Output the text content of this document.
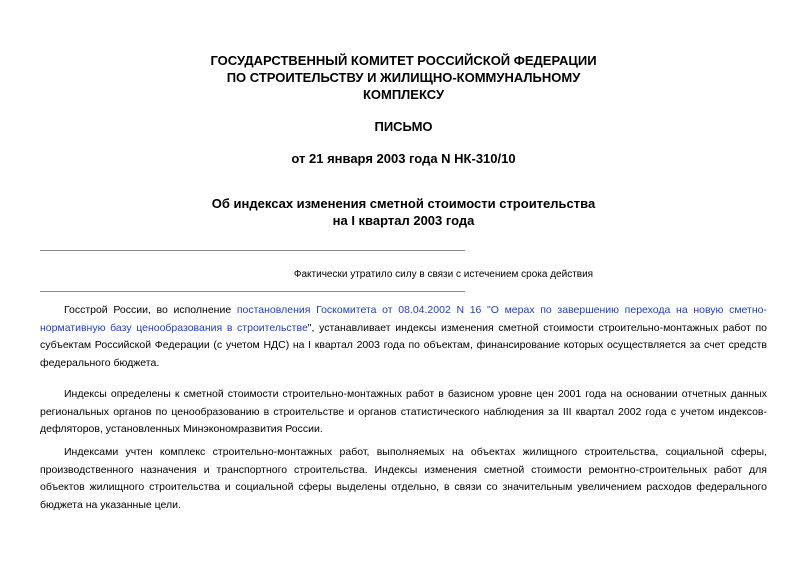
ГОСУДАРСТВЕННЫЙ КОМИТЕТ РОССИЙСКОЙ ФЕДЕРАЦИИ
ПО СТРОИТЕЛЬСТВУ И ЖИЛИЩНО-КОММУНАЛЬНОМУ
КОМПЛЕКСУ
ПИСЬМО
от 21 января 2003 года N НК-310/10
Об индексах изменения сметной стоимости строительства
на I квартал 2003 года
Фактически утратило силу в связи с истечением срока действия

Госстрой России, во исполнение постановления Госкомитета от 08.04.2002 N 16 "О мерах по завершению перехода на новую сметно-нормативную базу ценообразования в строительстве", устанавливает индексы изменения сметной стоимости строительно-монтажных работ по субъектам Российской Федерации (с учетом НДС) на I квартал 2003 года по объектам, финансирование которых осуществляется за счет средств федерального бюджета.

Индексы определены к сметной стоимости строительно-монтажных работ в базисном уровне цен 2001 года на основании отчетных данных региональных органов по ценообразованию в строительстве и органов статистического наблюдения за III квартал 2002 года с учетом индексов-дефляторов, установленных Минэкономразвития России.

Индексами учтен комплекс строительно-монтажных работ, выполняемых на объектах жилищного строительства, социальной сферы, производственного назначения и транспортного строительства. Индексы изменения сметной стоимости ремонтно-строительных работ для объектов жилищного строительства и социальной сферы выделены отдельно, в связи со значительным увеличением расходов федерального бюджета на указанные цели.
